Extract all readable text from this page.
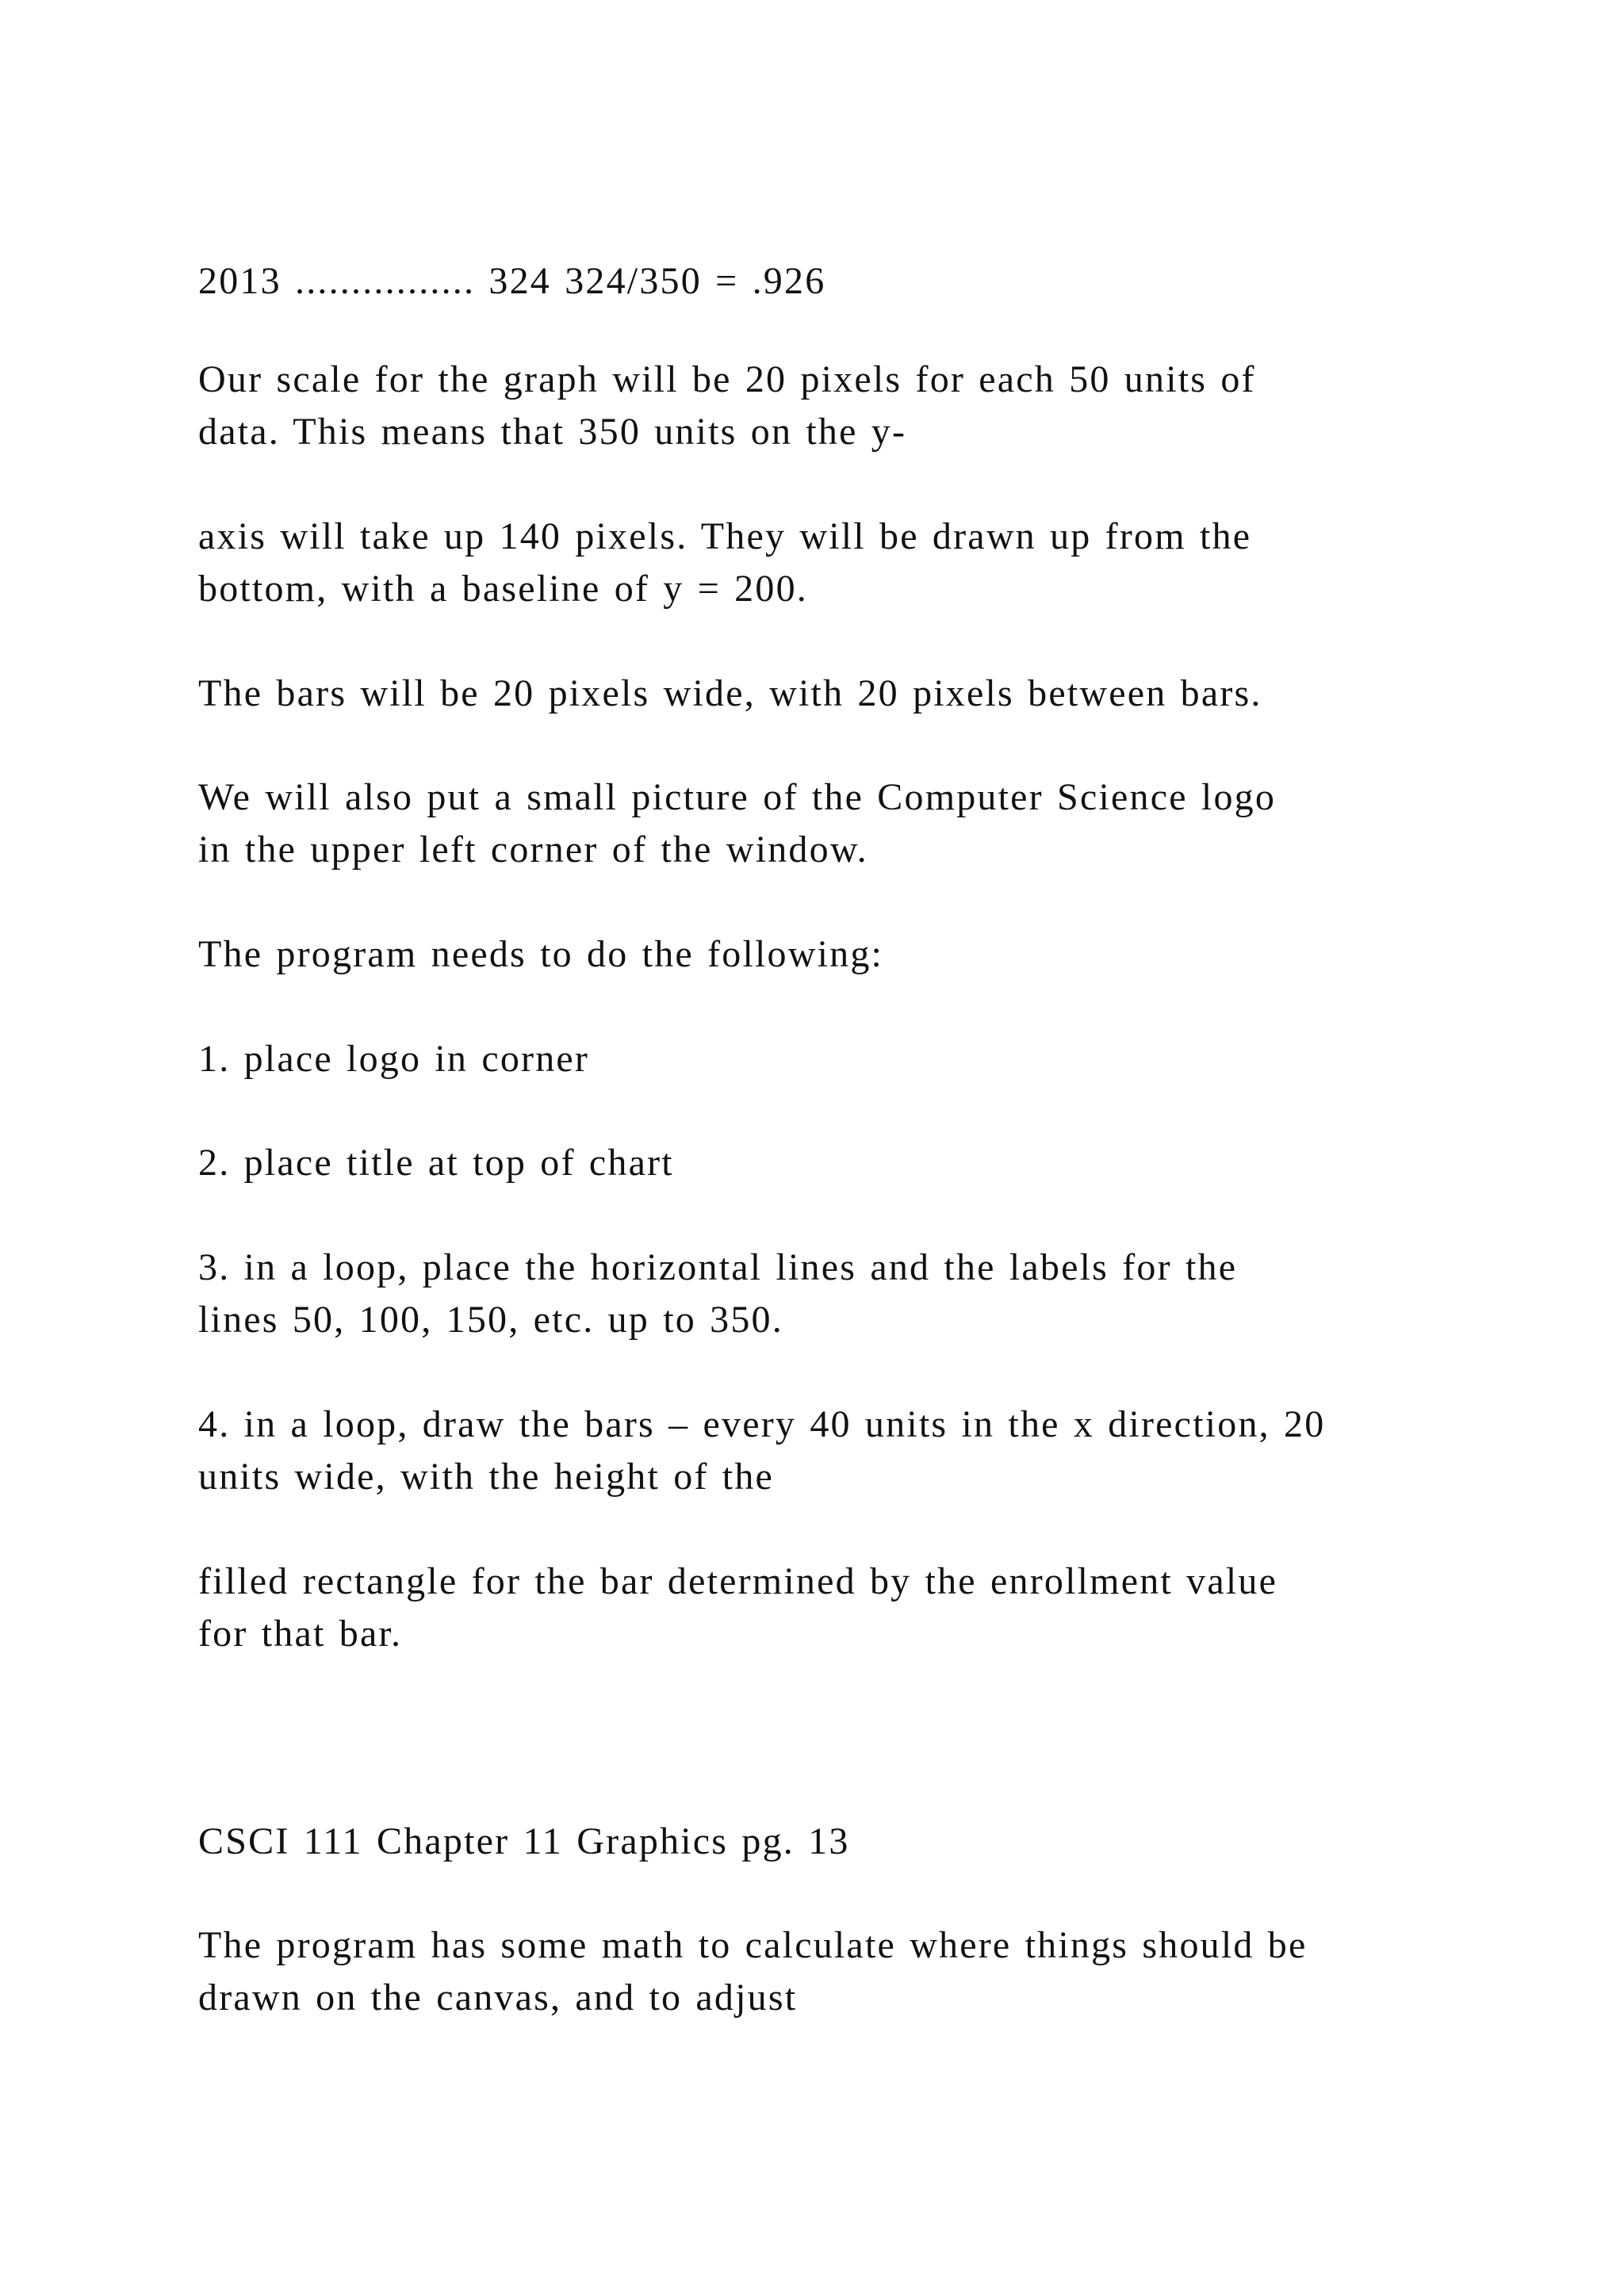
2013 ................ 324 324/350 = .926

Our scale for the graph will be 20 pixels for each 50 units of
data. This means that 350 units on the y-

axis will take up 140 pixels. They will be drawn up from the
bottom, with a baseline of y = 200.

The bars will be 20 pixels wide, with 20 pixels between bars.

We will also put a small picture of the Computer Science logo
in the upper left corner of the window.

The program needs to do the following:

1. place logo in corner

2. place title at top of chart

3. in a loop, place the horizontal lines and the labels for the
lines 50, 100, 150, etc. up to 350.

4. in a loop, draw the bars – every 40 units in the x direction, 20
units wide, with the height of the

filled rectangle for the bar determined by the enrollment value
for that bar.

CSCI 111 Chapter 11 Graphics pg. 13

The program has some math to calculate where things should be
drawn on the canvas, and to adjust
